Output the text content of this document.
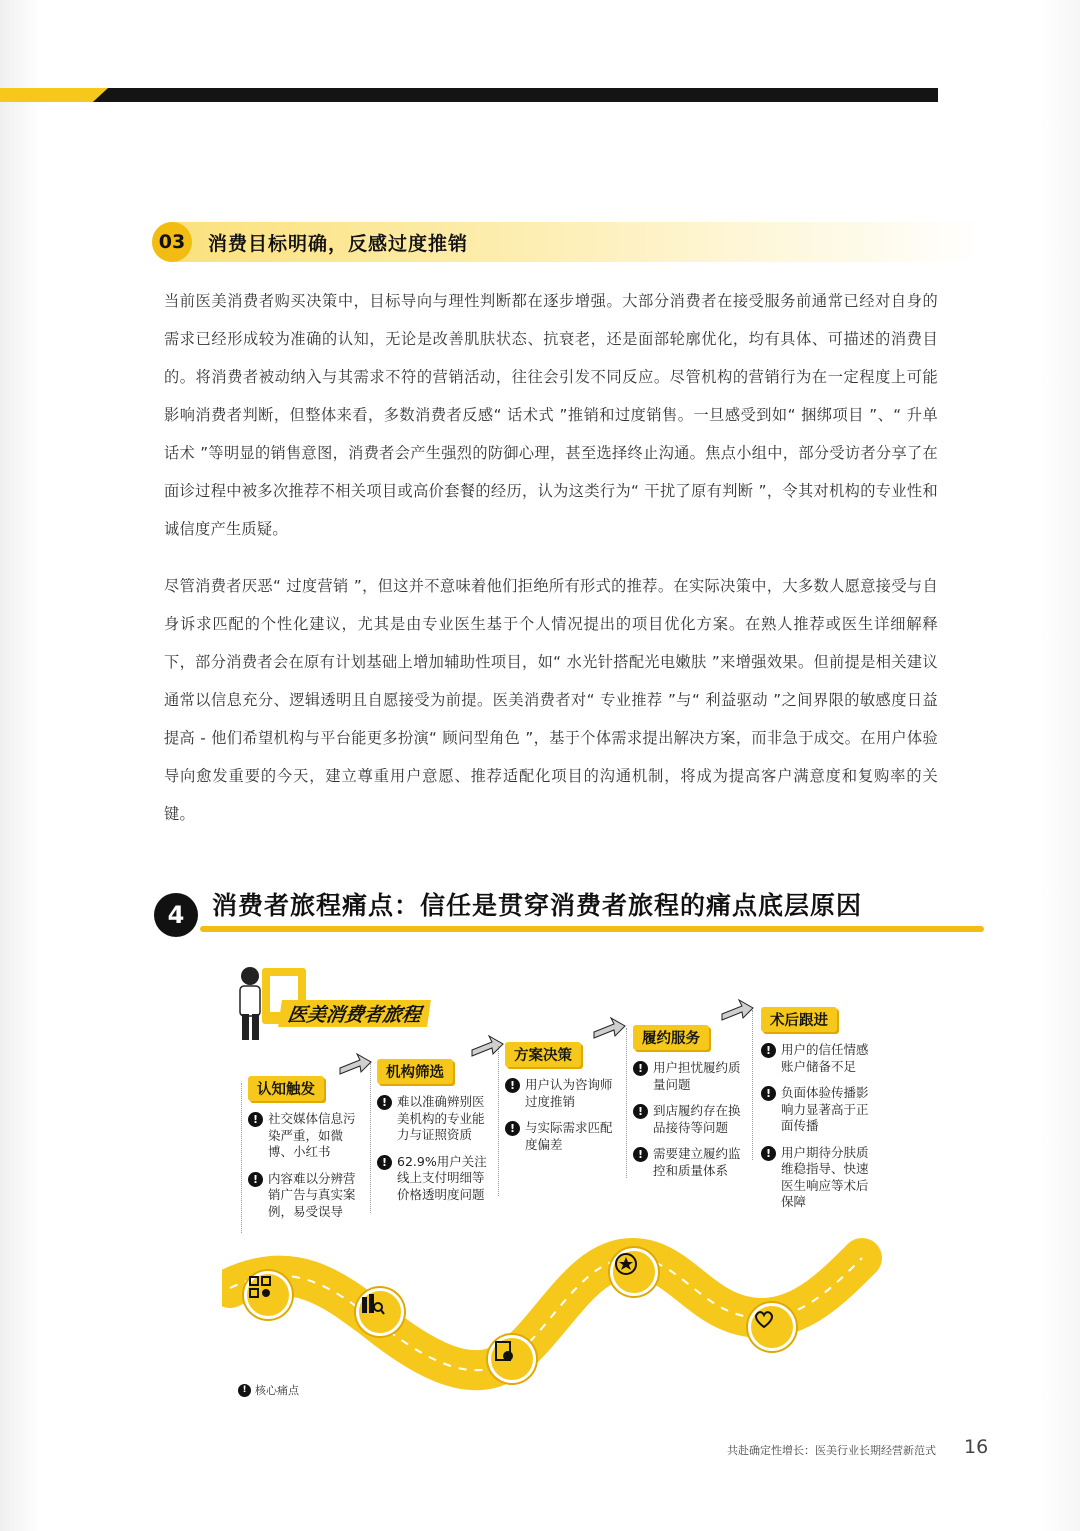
03	消费目标明确，反感过度推销

当前医美消费者购买决策中，目标导向与理性判断都在逐步增强。大部分消费者在接受服务前通常已经对自身的需求已经形成较为准确的认知，无论是改善肌肤状态、抗衰老，还是面部轮廓优化，均有具体、可描述的消费目的。将消费者被动纳入与其需求不符的营销活动，往往会引发不同反应。尽管机构的营销行为在一定程度上可能影响消费者判断，但整体来看，多数消费者反感“ 话术式 ”推销和过度销售。一旦感受到如“ 捆绑项目 ”、“ 升单话术 ”等明显的销售意图，消费者会产生强烈的防御心理，甚至选择终止沟通。焦点小组中，部分受访者分享了在面诊过程中被多次推荐不相关项目或高价套餐的经历，认为这类行为“ 干扰了原有判断 ”，令其对机构的专业性和诚信度产生质疑。

尽管消费者厌恶“ 过度营销 ”，但这并不意味着他们拒绝所有形式的推荐。在实际决策中，大多数人愿意接受与自身诉求匹配的个性化建议，尤其是由专业医生基于个人情况提出的项目优化方案。在熟人推荐或医生详细解释下，部分消费者会在原有计划基础上增加辅助性项目，如“ 水光针搭配光电嫩肤 ”来增强效果。但前提是相关建议通常以信息充分、逻辑透明且自愿接受为前提。医美消费者对“ 专业推荐 ”与“ 利益驱动 ”之间界限的敏感度日益提高 - 他们希望机构与平台能更多扮演“ 顾问型角色 ”，基于个体需求提出解决方案，而非急于成交。在用户体验导向愈发重要的今天，建立尊重用户意愿、推荐适配化项目的沟通机制，将成为提高客户满意度和复购率的关键。

4	消费者旅程痛点：信任是贯穿消费者旅程的痛点底层原因
医美消费者旅程
认知触发
! 社交媒体信息污染严重，如微博、小红书
! 内容难以分辨营销广告与真实案例，易受误导
机构筛选
! 难以准确辨别医美机构的专业能力与证照资质
! 62.9%用户关注线上支付明细等价格透明度问题
方案决策
! 用户认为咨询师过度推销
! 与实际需求匹配度偏差
履约服务
! 用户担忧履约质量问题
! 到店履约存在换品接待等问题
! 需要建立履约监控和质量体系
术后跟进
! 用户的信任情感账户储备不足
! 负面体验传播影响力显著高于正面传播
! 用户期待分肤质维稳指导、快速医生响应等术后保障
! 核心痛点
共赴确定性增长：医美行业长期经营新范式 16
